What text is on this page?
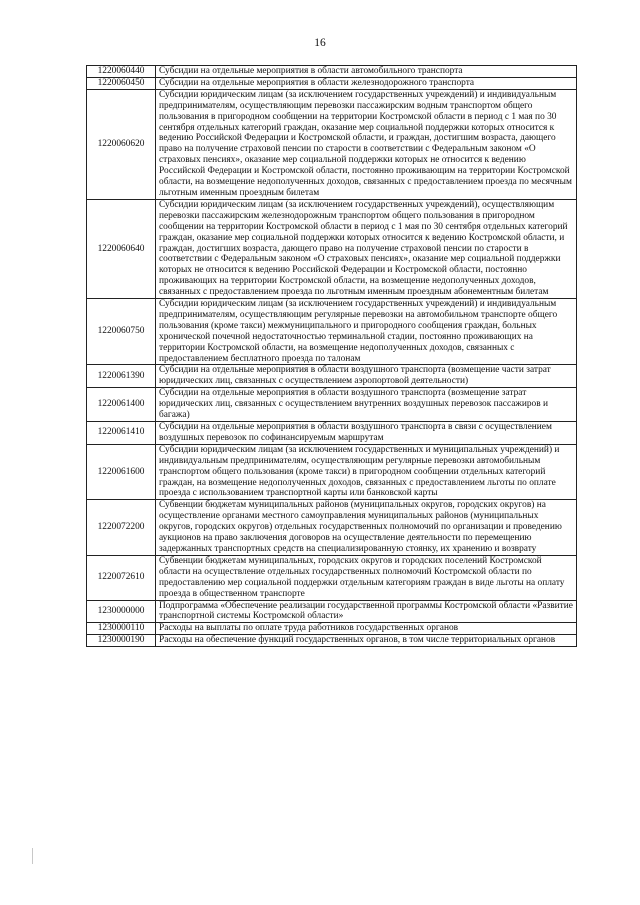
16
1220060440	Субсидии на отдельные мероприятия в области автомобильного транспорта
1220060450	Субсидии на отдельные мероприятия в области железнодорожного транспорта
1220060620	Субсидии юридическим лицам (за исключением государственных учреждений) и индивидуальным предпринимателям, осуществляющим перевозки пассажирским водным транспортом общего пользования в пригородном сообщении на территории Костромской области в период с 1 мая по 30 сентября отдельных категорий граждан, оказание мер социальной поддержки которых относится к ведению Российской Федерации и Костромской области, и граждан, достигшим возраста, дающего право на получение страховой пенсии по старости в соответствии с Федеральным законом «О страховых пенсиях», оказание мер социальной поддержки которых не относится к ведению Российской Федерации и Костромской области, постоянно проживающим на территории Костромской области, на возмещение недополученных доходов, связанных с предоставлением проезда по месячным льготным именным проездным билетам
1220060640	Субсидии юридическим лицам (за исключением государственных учреждений), осуществляющим перевозки пассажирским железнодорожным транспортом общего пользования в пригородном сообщении на территории Костромской области в период с 1 мая по 30 сентября отдельных категорий граждан, оказание мер социальной поддержки которых относится к ведению Костромской области, и граждан, достигших возраста, дающего право на получение страховой пенсии по старости в соответствии с Федеральным законом «О страховых пенсиях», оказание мер социальной поддержки которых не относится к ведению Российской Федерации и Костромской области, постоянно проживающих на территории Костромской области, на возмещение недополученных доходов, связанных с предоставлением проезда по льготным именным проездным абонементным билетам
1220060750	Субсидии юридическим лицам (за исключением государственных учреждений) и индивидуальным предпринимателям, осуществляющим регулярные перевозки на автомобильном транспорте общего пользования (кроме такси) межмуниципального и пригородного сообщения граждан, больных хронической почечной недостаточностью терминальной стадии, постоянно проживающих на территории Костромской области, на возмещение недополученных доходов, связанных с предоставлением бесплатного проезда по талонам
1220061390	Субсидии на отдельные мероприятия в области воздушного транспорта (возмещение части затрат юридических лиц, связанных с осуществлением аэропортовой деятельности)
1220061400	Субсидии на отдельные мероприятия в области воздушного транспорта (возмещение затрат юридических лиц, связанных с осуществлением внутренних воздушных перевозок пассажиров и багажа)
1220061410	Субсидии на отдельные мероприятия в области воздушного транспорта в связи с осуществлением воздушных перевозок по софинансируемым маршрутам
1220061600	Субсидии юридическим лицам (за исключением государственных и муниципальных учреждений) и индивидуальным предпринимателям, осуществляющим регулярные перевозки автомобильным транспортом общего пользования (кроме такси) в пригородном сообщении отдельных категорий граждан, на возмещение недополученных доходов, связанных с предоставлением льготы по оплате проезда с использованием транспортной карты или банковской карты
1220072200	Субвенции бюджетам муниципальных районов (муниципальных округов, городских округов) на осуществление органами местного самоуправления муниципальных районов (муниципальных округов, городских округов) отдельных государственных полномочий по организации и проведению аукционов на право заключения договоров на осуществление деятельности по перемещению задержанных транспортных средств на специализированную стоянку, их хранению и возврату
1220072610	Субвенции бюджетам муниципальных, городских округов и городских поселений Костромской области на осуществление отдельных государственных полномочий Костромской области по предоставлению мер социальной поддержки отдельным категориям граждан в виде льготы на оплату проезда в общественном транспорте
1230000000	Подпрограмма «Обеспечение реализации государственной программы Костромской области «Развитие транспортной системы Костромской области»
1230000110	Расходы на выплаты по оплате труда работников государственных органов
1230000190	Расходы на обеспечение функций государственных органов, в том числе территориальных органов
